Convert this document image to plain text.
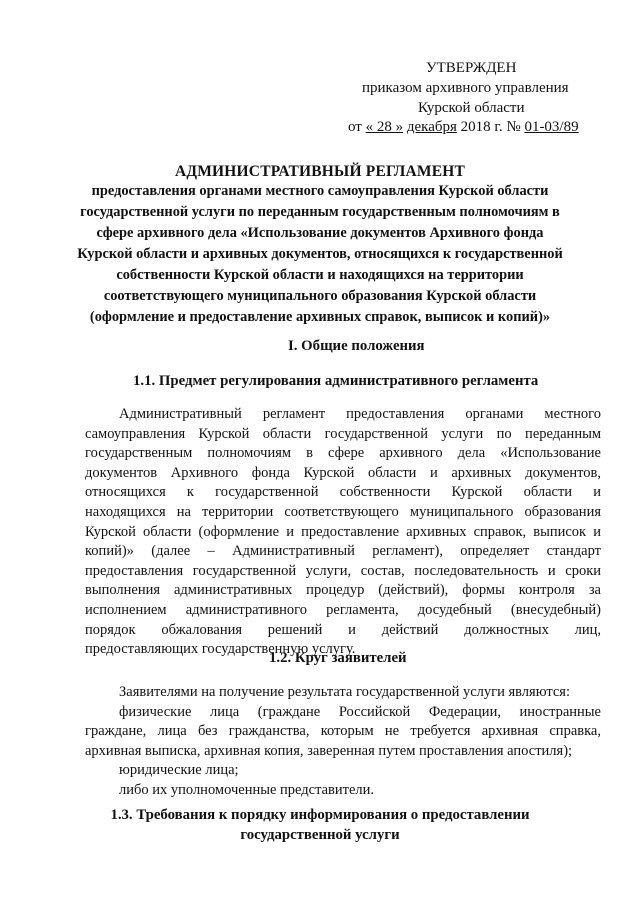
УТВЕРЖДЕН
приказом архивного управления
Курской области
от « 28 » декабря 2018 г. № 01-03/89
АДМИНИСТРАТИВНЫЙ РЕГЛАМЕНТ
предоставления органами местного самоуправления Курской области
государственной услуги по переданным государственным полномочиям в
сфере архивного дела «Использование документов Архивного фонда
Курской области и архивных документов, относящихся к государственной
собственности Курской области и находящихся на территории
соответствующего муниципального образования Курской области
(оформление и предоставление архивных справок, выписок и копий)»
I. Общие положения
1.1. Предмет регулирования административного регламента
Административный регламент предоставления органами местного
самоуправления Курской области государственной услуги по переданным
государственным полномочиям в сфере архивного дела «Использование
документов Архивного фонда Курской области и архивных документов,
относящихся к государственной собственности Курской области и
находящихся на территории соответствующего муниципального образования
Курской области (оформление и предоставление архивных справок, выписок и
копий)» (далее – Административный регламент), определяет стандарт
предоставления государственной услуги, состав, последовательность и сроки
выполнения административных процедур (действий), формы контроля за
исполнением административного регламента, досудебный (внесудебный)
порядок обжалования решений и действий должностных лиц,
предоставляющих государственную услугу.
1.2. Круг заявителей
Заявителями на получение результата государственной услуги являются:
физические лица (граждане Российской Федерации, иностранные
граждане, лица без гражданства, которым не требуется архивная справка,
архивная выписка, архивная копия, заверенная путем проставления апостиля);
юридические лица;
либо их уполномоченные представители.
1.3. Требования к порядку информирования о предоставлении
государственной услуги
